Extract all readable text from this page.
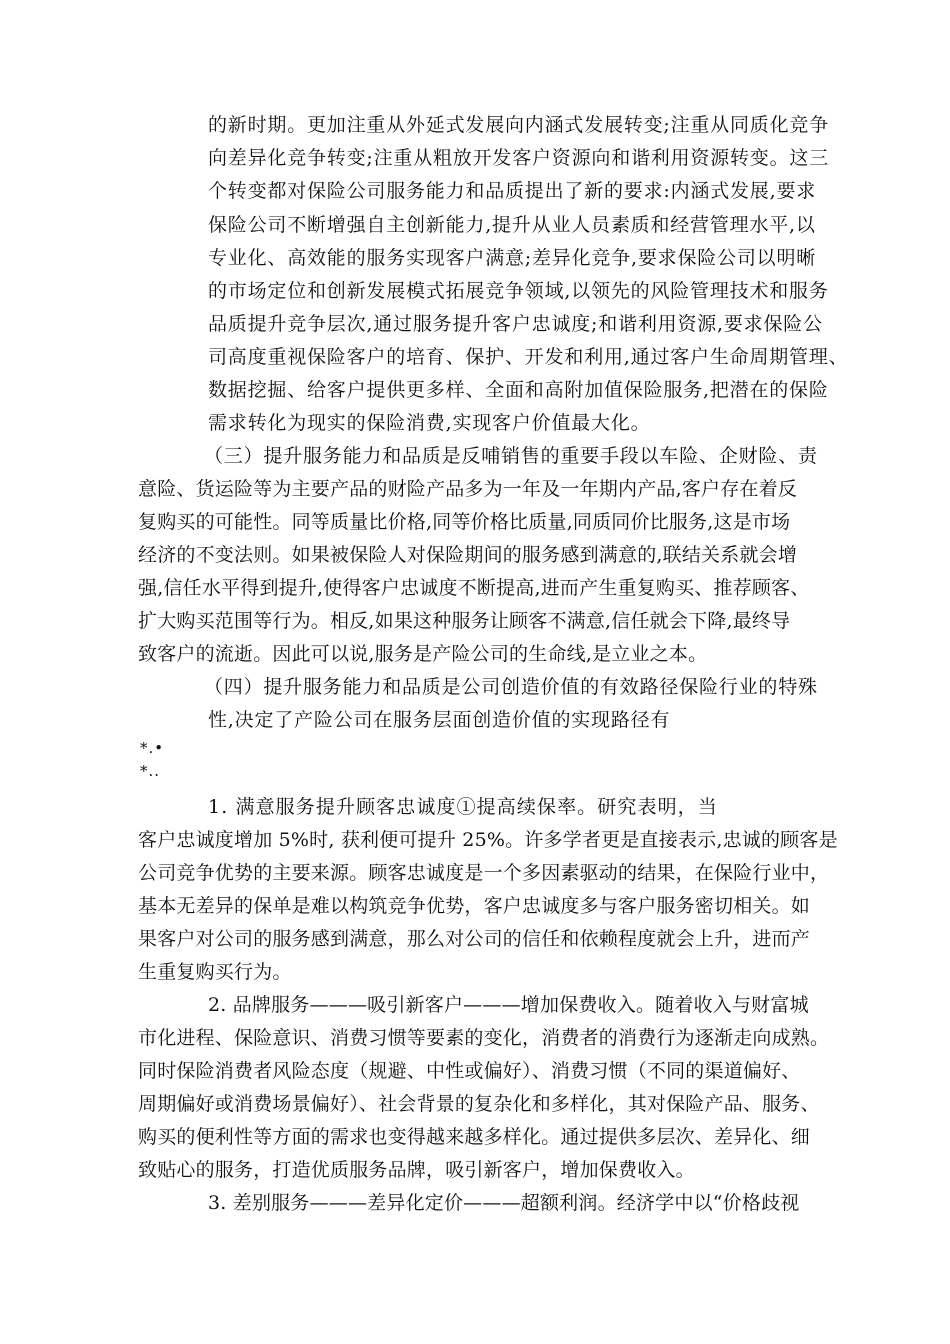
的新时期。更加注重从外延式发展向内涵式发展转变;注重从同质化竞争
向差异化竞争转变;注重从粗放开发客户资源向和谐利用资源转变。这三
个转变都对保险公司服务能力和品质提出了新的要求:内涵式发展,要求
保险公司不断增强自主创新能力,提升从业人员素质和经营管理水平,以
专业化、高效能的服务实现客户满意;差异化竞争,要求保险公司以明晰
的市场定位和创新发展模式拓展竞争领域,以领先的风险管理技术和服务
品质提升竞争层次,通过服务提升客户忠诚度;和谐利用资源,要求保险公
司高度重视保险客户的培育、保护、开发和利用,通过客户生命周期管理、
数据挖掘、给客户提供更多样、全面和高附加值保险服务,把潜在的保险
需求转化为现实的保险消费,实现客户价值最大化。
（三）提升服务能力和品质是反哺销售的重要手段以车险、企财险、责
意险、货运险等为主要产品的财险产品多为一年及一年期内产品,客户存在着反
复购买的可能性。同等质量比价格,同等价格比质量,同质同价比服务,这是市场
经济的不变法则。如果被保险人对保险期间的服务感到满意的,联结关系就会增
强,信任水平得到提升,使得客户忠诚度不断提高,进而产生重复购买、推荐顾客、
扩大购买范围等行为。相反,如果这种服务让顾客不满意,信任就会下降,最终导
致客户的流逝。因此可以说,服务是产险公司的生命线,是立业之本。
（四）提升服务能力和品质是公司创造价值的有效路径保险行业的特殊
性,决定了产险公司在服务层面创造价值的实现路径有
*.•
*..
1. 满意服务提升顾客忠诚度①提高续保率。研究表明，当
客户忠诚度增加 5%时, 获利便可提升 25%。许多学者更是直接表示,忠诚的顾客是
公司竞争优势的主要来源。顾客忠诚度是一个多因素驱动的结果，在保险行业中，
基本无差异的保单是难以构筑竞争优势，客户忠诚度多与客户服务密切相关。如
果客户对公司的服务感到满意，那么对公司的信任和依赖程度就会上升，进而产
生重复购买行为。
2. 品牌服务———吸引新客户———增加保费收入。随着收入与财富城
市化进程、保险意识、消费习惯等要素的变化，消费者的消费行为逐渐走向成熟。
同时保险消费者风险态度（规避、中性或偏好）、消费习惯（不同的渠道偏好、
周期偏好或消费场景偏好）、社会背景的复杂化和多样化，其对保险产品、服务、
购买的便利性等方面的需求也变得越来越多样化。通过提供多层次、差异化、细
致贴心的服务，打造优质服务品牌，吸引新客户，增加保费收入。
3. 差别服务———差异化定价———超额利润。经济学中以“价格歧视
